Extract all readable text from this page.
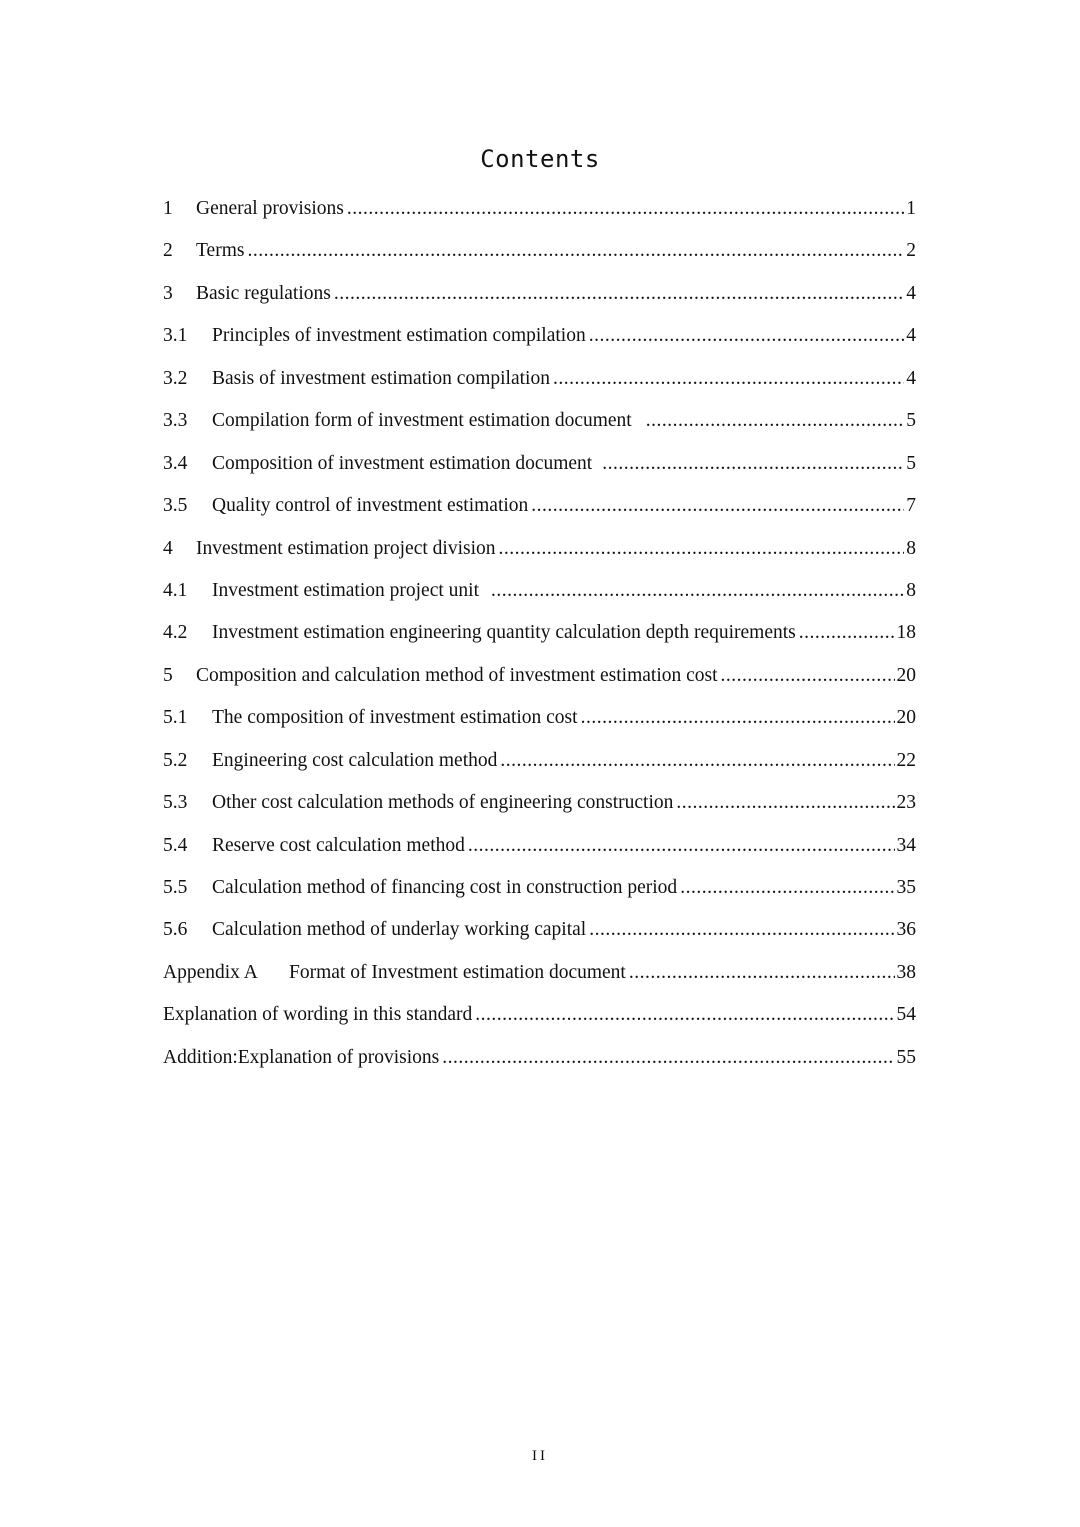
Contents
1	General provisions .....	1
2	Terms .....	2
3	Basic regulations .....	4
3.1	Principles of investment estimation compilation .....	4
3.2	Basis of investment estimation compilation .....	4
3.3	Compilation form of investment estimation document .....	5
3.4	Composition of investment estimation document .....	5
3.5	Quality control of investment estimation .....	7
4	Investment estimation project division .....	8
4.1	Investment estimation project unit .....	8
4.2	Investment estimation engineering quantity calculation depth requirements .....	18
5	Composition and calculation method of investment estimation cost .....	20
5.1	The composition of investment estimation cost .....	20
5.2	Engineering cost calculation method .....	22
5.3	Other cost calculation methods of engineering construction .....	23
5.4	Reserve cost calculation method .....	34
5.5	Calculation method of financing cost in construction period .....	35
5.6	Calculation method of underlay working capital .....	36
Appendix A	Format of Investment estimation document .....	38
Explanation of wording in this standard .....	54
Addition:Explanation of provisions .....	55
II
